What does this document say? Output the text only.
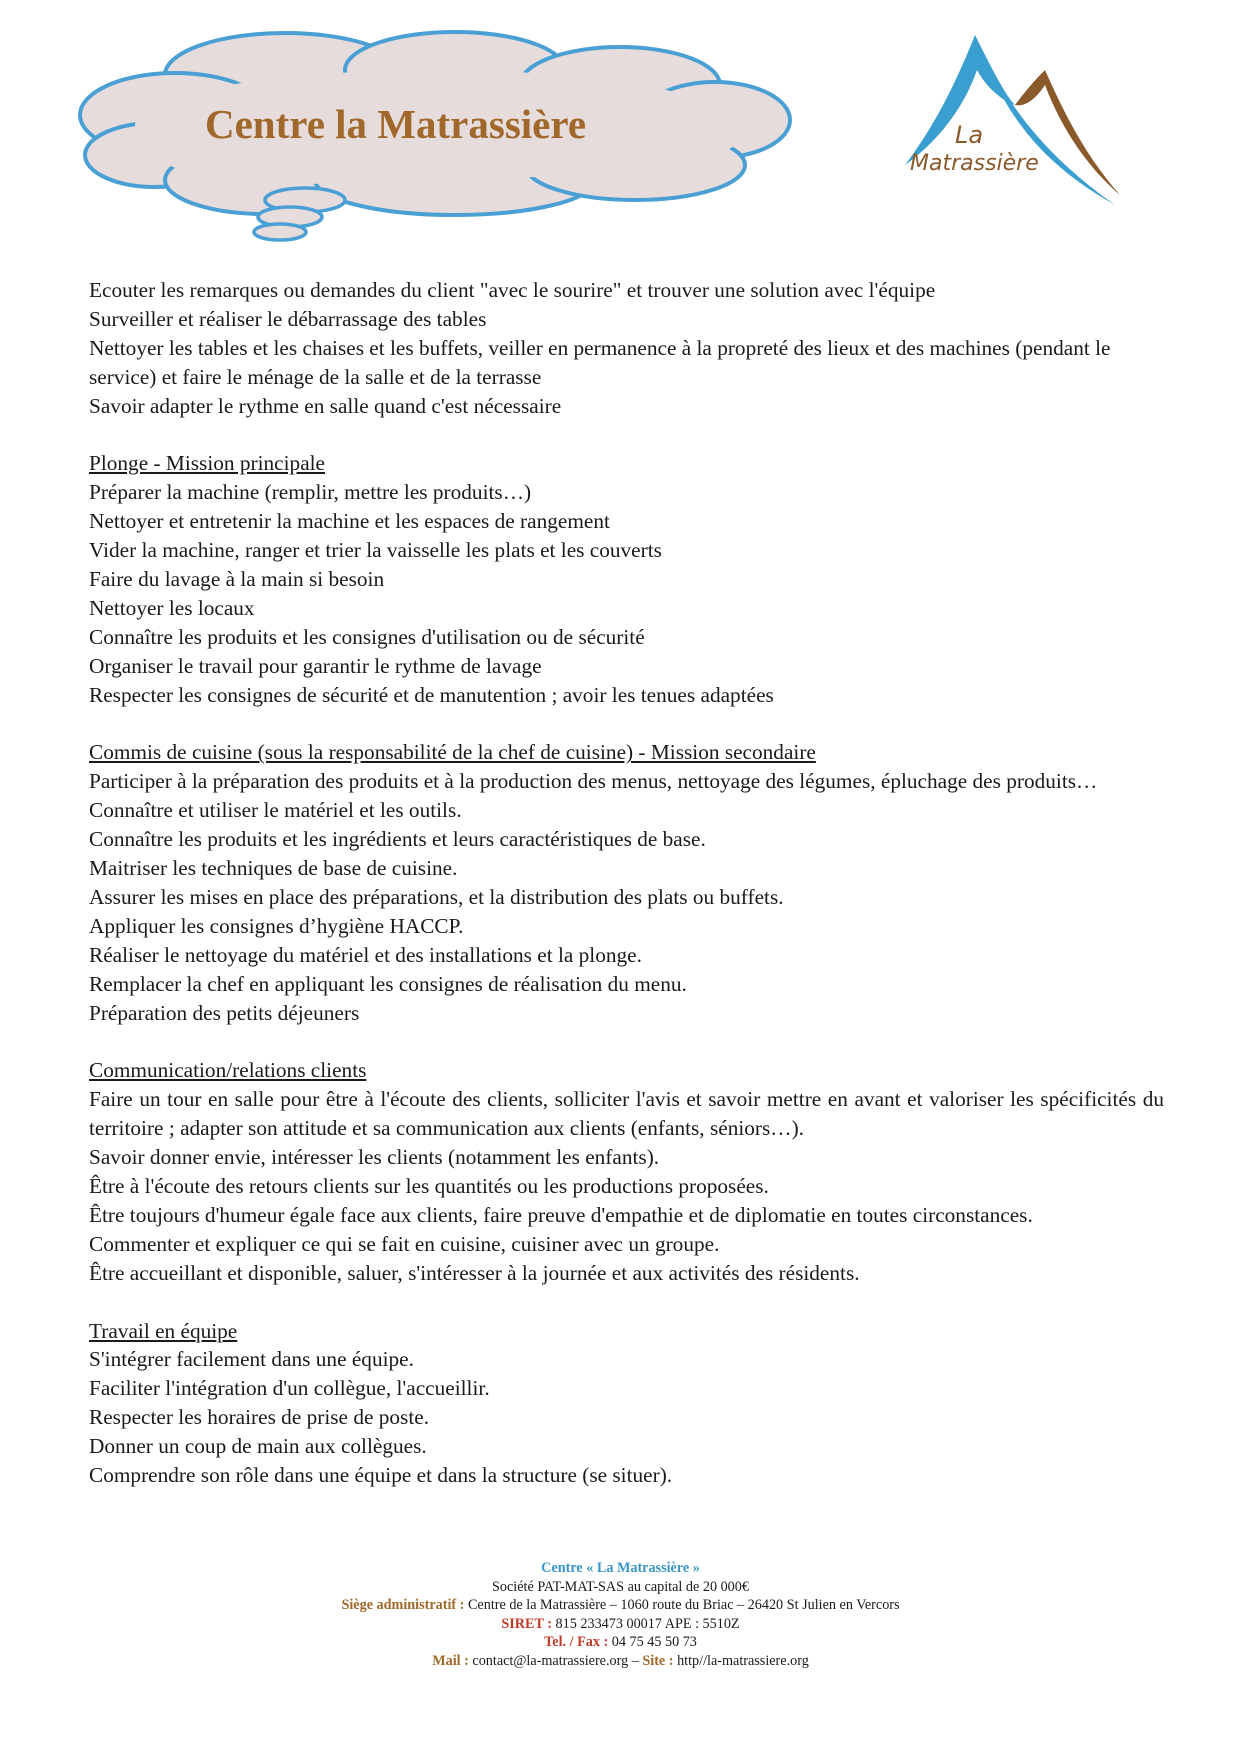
Centre la Matrassière	La
Matrassière

Ecouter les remarques ou demandes du client "avec le sourire" et trouver une solution avec l'équipe

Surveiller et réaliser le débarrassage des tables

Nettoyer les tables et les chaises et les buffets, veiller en permanence à la propreté des lieux et des machines (pendant le service) et faire le ménage de la salle et de la terrasse

Savoir adapter le rythme en salle quand c'est nécessaire

Plonge - Mission principale

Préparer la machine (remplir, mettre les produits…)

Nettoyer et entretenir la machine et les espaces de rangement

Vider la machine, ranger et trier la vaisselle les plats et les couverts

Faire du lavage à la main si besoin

Nettoyer les locaux

Connaître les produits et les consignes d'utilisation ou de sécurité

Organiser le travail pour garantir le rythme de lavage

Respecter les consignes de sécurité et de manutention ; avoir les tenues adaptées

Commis de cuisine (sous la responsabilité de la chef de cuisine) - Mission secondaire

Participer à la préparation des produits et à la production des menus, nettoyage des légumes, épluchage des produits…

Connaître et utiliser le matériel et les outils.

Connaître les produits et les ingrédients et leurs caractéristiques de base.

Maitriser les techniques de base de cuisine.

Assurer les mises en place des préparations, et la distribution des plats ou buffets.

Appliquer les consignes d’hygiène HACCP.

Réaliser le nettoyage du matériel et des installations et la plonge.

Remplacer la chef en appliquant les consignes de réalisation du menu.

Préparation des petits déjeuners

Communication/relations clients

Faire un tour en salle pour être à l'écoute des clients, solliciter l'avis et savoir mettre en avant et valoriser les spécificités du territoire ; adapter son attitude et sa communication aux clients (enfants, séniors…).

Savoir donner envie, intéresser les clients (notamment les enfants).

Être à l'écoute des retours clients sur les quantités ou les productions proposées.

Être toujours d'humeur égale face aux clients, faire preuve d'empathie et de diplomatie en toutes circonstances.

Commenter et expliquer ce qui se fait en cuisine, cuisiner avec un groupe.

Être accueillant et disponible, saluer, s'intéresser à la journée et aux activités des résidents.

Travail en équipe

S'intégrer facilement dans une équipe.

Faciliter l'intégration d'un collègue, l'accueillir.

Respecter les horaires de prise de poste.

Donner un coup de main aux collègues.

Comprendre son rôle dans une équipe et dans la structure (se situer).

Centre « La Matrassière »
Société PAT-MAT-SAS au capital de 20 000€
Siège administratif : Centre de la Matrassière – 1060 route du Briac – 26420 St Julien en Vercors
SIRET : 815 233473 00017 APE : 5510Z
Tel. / Fax : 04 75 45 50 73
Mail : contact@la-matrassiere.org – Site : http//la-matrassiere.org
